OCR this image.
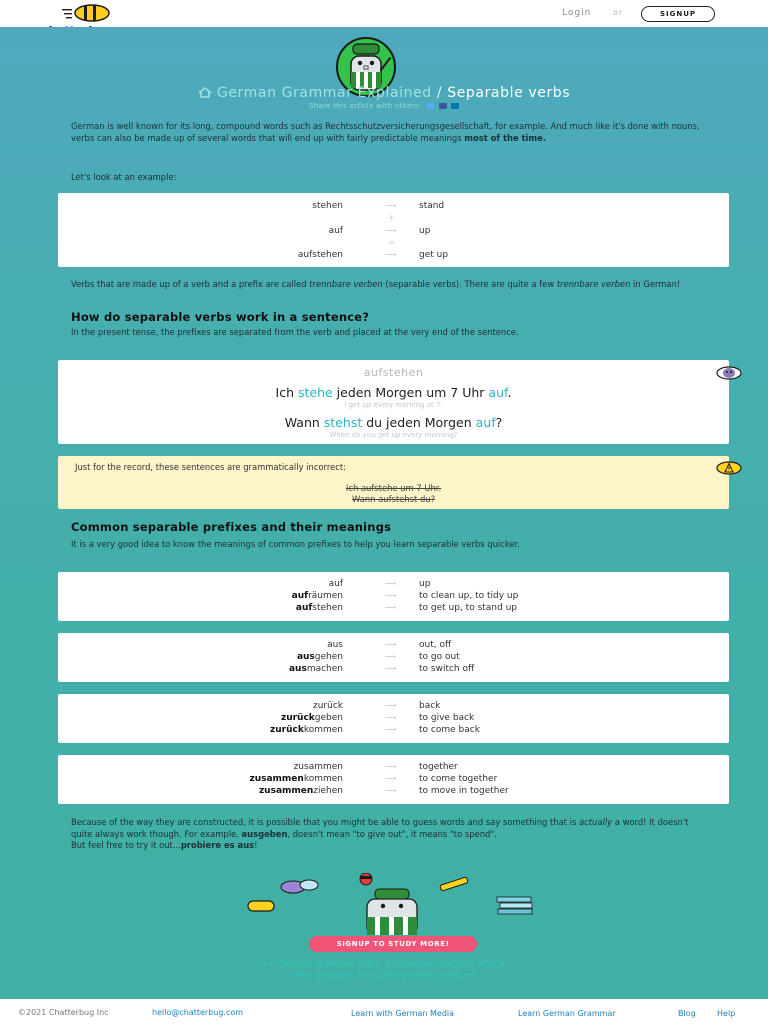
Login	or	SIGNUP
German Grammar Explained / Separable verbs
Share this article with others:

German is well known for its long, compound words such as Rechtsschutzversicherungsgesellschaft, for example. And much like it's done with nouns, verbs can also be made up of several words that will end up with fairly predictable meanings most of the time.

Let's look at an example:

stehen	⟶	stand
+
auf	⟶	up
=
aufstehen	⟶	get up

Verbs that are made up of a verb and a prefix are called trennbare verben (separable verbs). There are quite a few trennbare verben in German!

How do separable verbs work in a sentence?

In the present tense, the prefixes are separated from the verb and placed at the very end of the sentence.

aufstehen
Ich stehe jeden Morgen um 7 Uhr auf.
I get up every morning at 7.
Wann stehst du jeden Morgen auf?
When do you get up every morning?
Just for the record, these sentences are grammatically incorrect:
Ich aufstehe um 7 Uhr.
Wann aufstehst du?
Common separable prefixes and their meanings

It is a very good idea to know the meanings of common prefixes to help you learn separable verbs quicker.

auf	⟶	up
aufräumen	⟶	to clean up, to tidy up
aufstehen	⟶	to get up, to stand up
aus	⟶	out, off
ausgehen	⟶	to go out
ausmachen	⟶	to switch off
zurück	⟶	back
zurückgeben	⟶	to give back
zurückkommen	⟶	to come back
zusammen	⟶	together
zusammenkommen	⟶	to come together
zusammenziehen	⟶	to move in together

Because of the way they are constructed, it is possible that you might be able to guess words and say something that is actually a word! It doesn't quite always work though. For example, ausgeben, doesn't mean "to give out", it means "to spend".
But feel free to try it out...probiere es aus!

SIGNUP TO STUDY MORE!
⟵ Previous grammar topic: Accusative indefinite article
Next grammar topic: Inseparable verbs ⟶
©2021 Chatterbug Inc	hello@chatterbug.com	Learn with German Media	Learn German Grammar	Blog	Help
